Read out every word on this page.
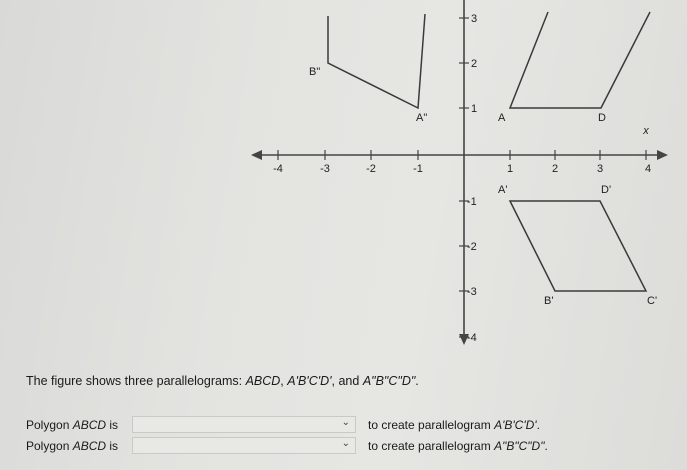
-4	-3	-2	-1	1	2	3	4
x
3
2
1
-1
-2
-3
-4
A	D
A'	D'
B'	C'
B"
A"
The figure shows three parallelograms: ABCD, A'B'C'D', and A"B"C"D".
Polygon ABCD is	⌄ to create parallelogram A'B'C'D'.
Polygon ABCD is	⌄ to create parallelogram A"B"C"D".
